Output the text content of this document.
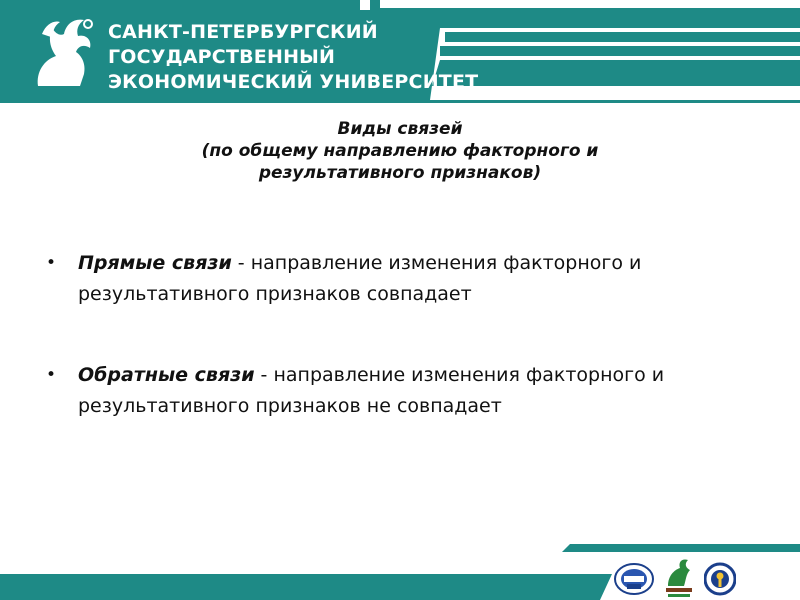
САНКТ-ПЕТЕРБУРГСКИЙ
ГОСУДАРСТВЕННЫЙ
ЭКОНОМИЧЕСКИЙ УНИВЕРСИТЕТ
Виды связей
(по общему направлению факторного и
результативного признаков)
• Прямые связи - направление изменения факторного и результативного признаков совпадает
• Обратные связи - направление изменения факторного и результативного признаков не совпадает
